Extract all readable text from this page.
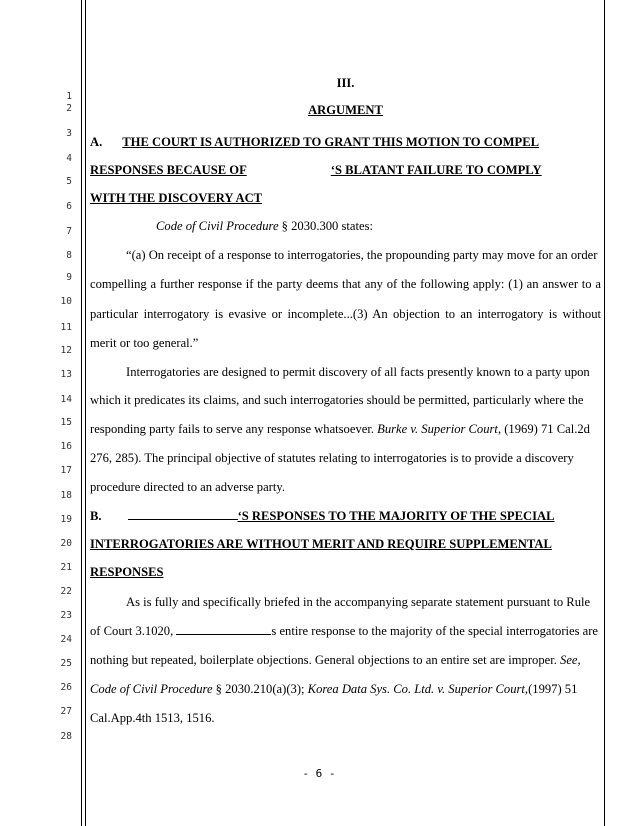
1
2
3
4
5
6
7
8
9
10
11
12
13
14
15
16
17
18
19
20
21
22
23
24
25
26
27
28
III.
ARGUMENT
A. THE COURT IS AUTHORIZED TO GRANT THIS MOTION TO COMPEL
RESPONSES BECAUSE OF	‘S BLATANT FAILURE TO COMPLY
WITH THE DISCOVERY ACT
Code of Civil Procedure § 2030.300 states:
“(a) On receipt of a response to interrogatories, the propounding party may move for an order
compelling a further response if the party deems that any of the following apply: (1) an answer to a
particular interrogatory is evasive or incomplete...(3) An objection to an interrogatory is without
merit or too general.”
Interrogatories are designed to permit discovery of all facts presently known to a party upon
which it predicates its claims, and such interrogatories should be permitted, particularly where the
responding party fails to serve any response whatsoever. Burke v. Superior Court, (1969) 71 Cal.2d
276, 285). The principal objective of statutes relating to interrogatories is to provide a discovery
procedure directed to an adverse party.
B.	‘S RESPONSES TO THE MAJORITY OF THE SPECIAL
INTERROGATORIES ARE WITHOUT MERIT AND REQUIRE SUPPLEMENTAL
RESPONSES
As is fully and specifically briefed in the accompanying separate statement pursuant to Rule
of Court 3.1020,	s entire response to the majority of the special interrogatories are
nothing but repeated, boilerplate objections. General objections to an entire set are improper. See,
Code of Civil Procedure § 2030.210(a)(3); Korea Data Sys. Co. Ltd. v. Superior Court,(1997) 51
Cal.App.4th 1513, 1516.
- 6 -
